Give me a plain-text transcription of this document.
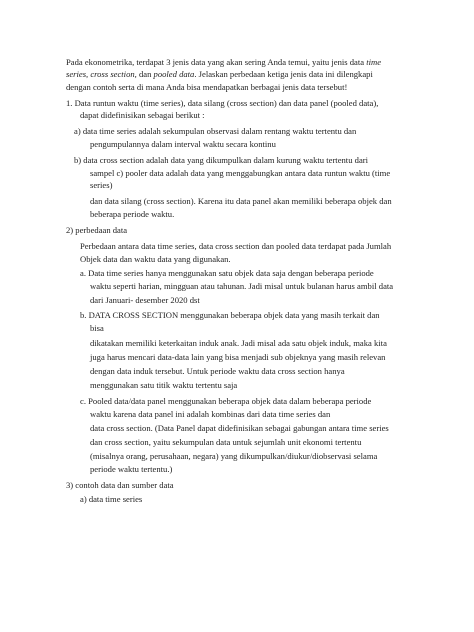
Pada ekonometrika, terdapat 3 jenis data yang akan sering Anda temui, yaitu jenis data time
series, cross section, dan pooled data. Jelaskan perbedaan ketiga jenis data ini dilengkapi
dengan contoh serta di mana Anda bisa mendapatkan berbagai jenis data tersebut!
1. Data runtun waktu (time series), data silang (cross section) dan data panel (pooled data),
dapat didefinisikan sebagai berikut :
a) data time series adalah sekumpulan observasi dalam rentang waktu tertentu dan
pengumpulannya dalam interval waktu secara kontinu
b) data cross section adalah data yang dikumpulkan dalam kurung waktu tertentu dari
sampel c) pooler data adalah data yang menggabungkan antara data runtun waktu (time
series)
dan data silang (cross section). Karena itu data panel akan memiliki beberapa objek dan
beberapa periode waktu.
2) perbedaan data
Perbedaan antara data time series, data cross section dan pooled data terdapat pada Jumlah
Objek data dan waktu data yang digunakan.
a. Data time series hanya menggunakan satu objek data saja dengan beberapa periode
waktu seperti harian, mingguan atau tahunan. Jadi misal untuk bulanan harus ambil data
dari Januari- desember 2020 dst
b. DATA CROSS SECTION menggunakan beberapa objek data yang masih terkait dan
bisa
dikatakan memiliki keterkaitan induk anak. Jadi misal ada satu objek induk, maka kita
juga harus mencari data-data lain yang bisa menjadi sub objeknya yang masih relevan
dengan data induk tersebut. Untuk periode waktu data cross section hanya
menggunakan satu titik waktu tertentu saja
c. Pooled data/data panel menggunakan beberapa objek data dalam beberapa periode
waktu karena data panel ini adalah kombinas dari data time series dan
data cross section. (Data Panel dapat didefinisikan sebagai gabungan antara time series
dan cross section, yaitu sekumpulan data untuk sejumlah unit ekonomi tertentu
(misalnya orang, perusahaan, negara) yang dikumpulkan/diukur/diobservasi selama
periode waktu tertentu.)
3) contoh data dan sumber data
a) data time series
